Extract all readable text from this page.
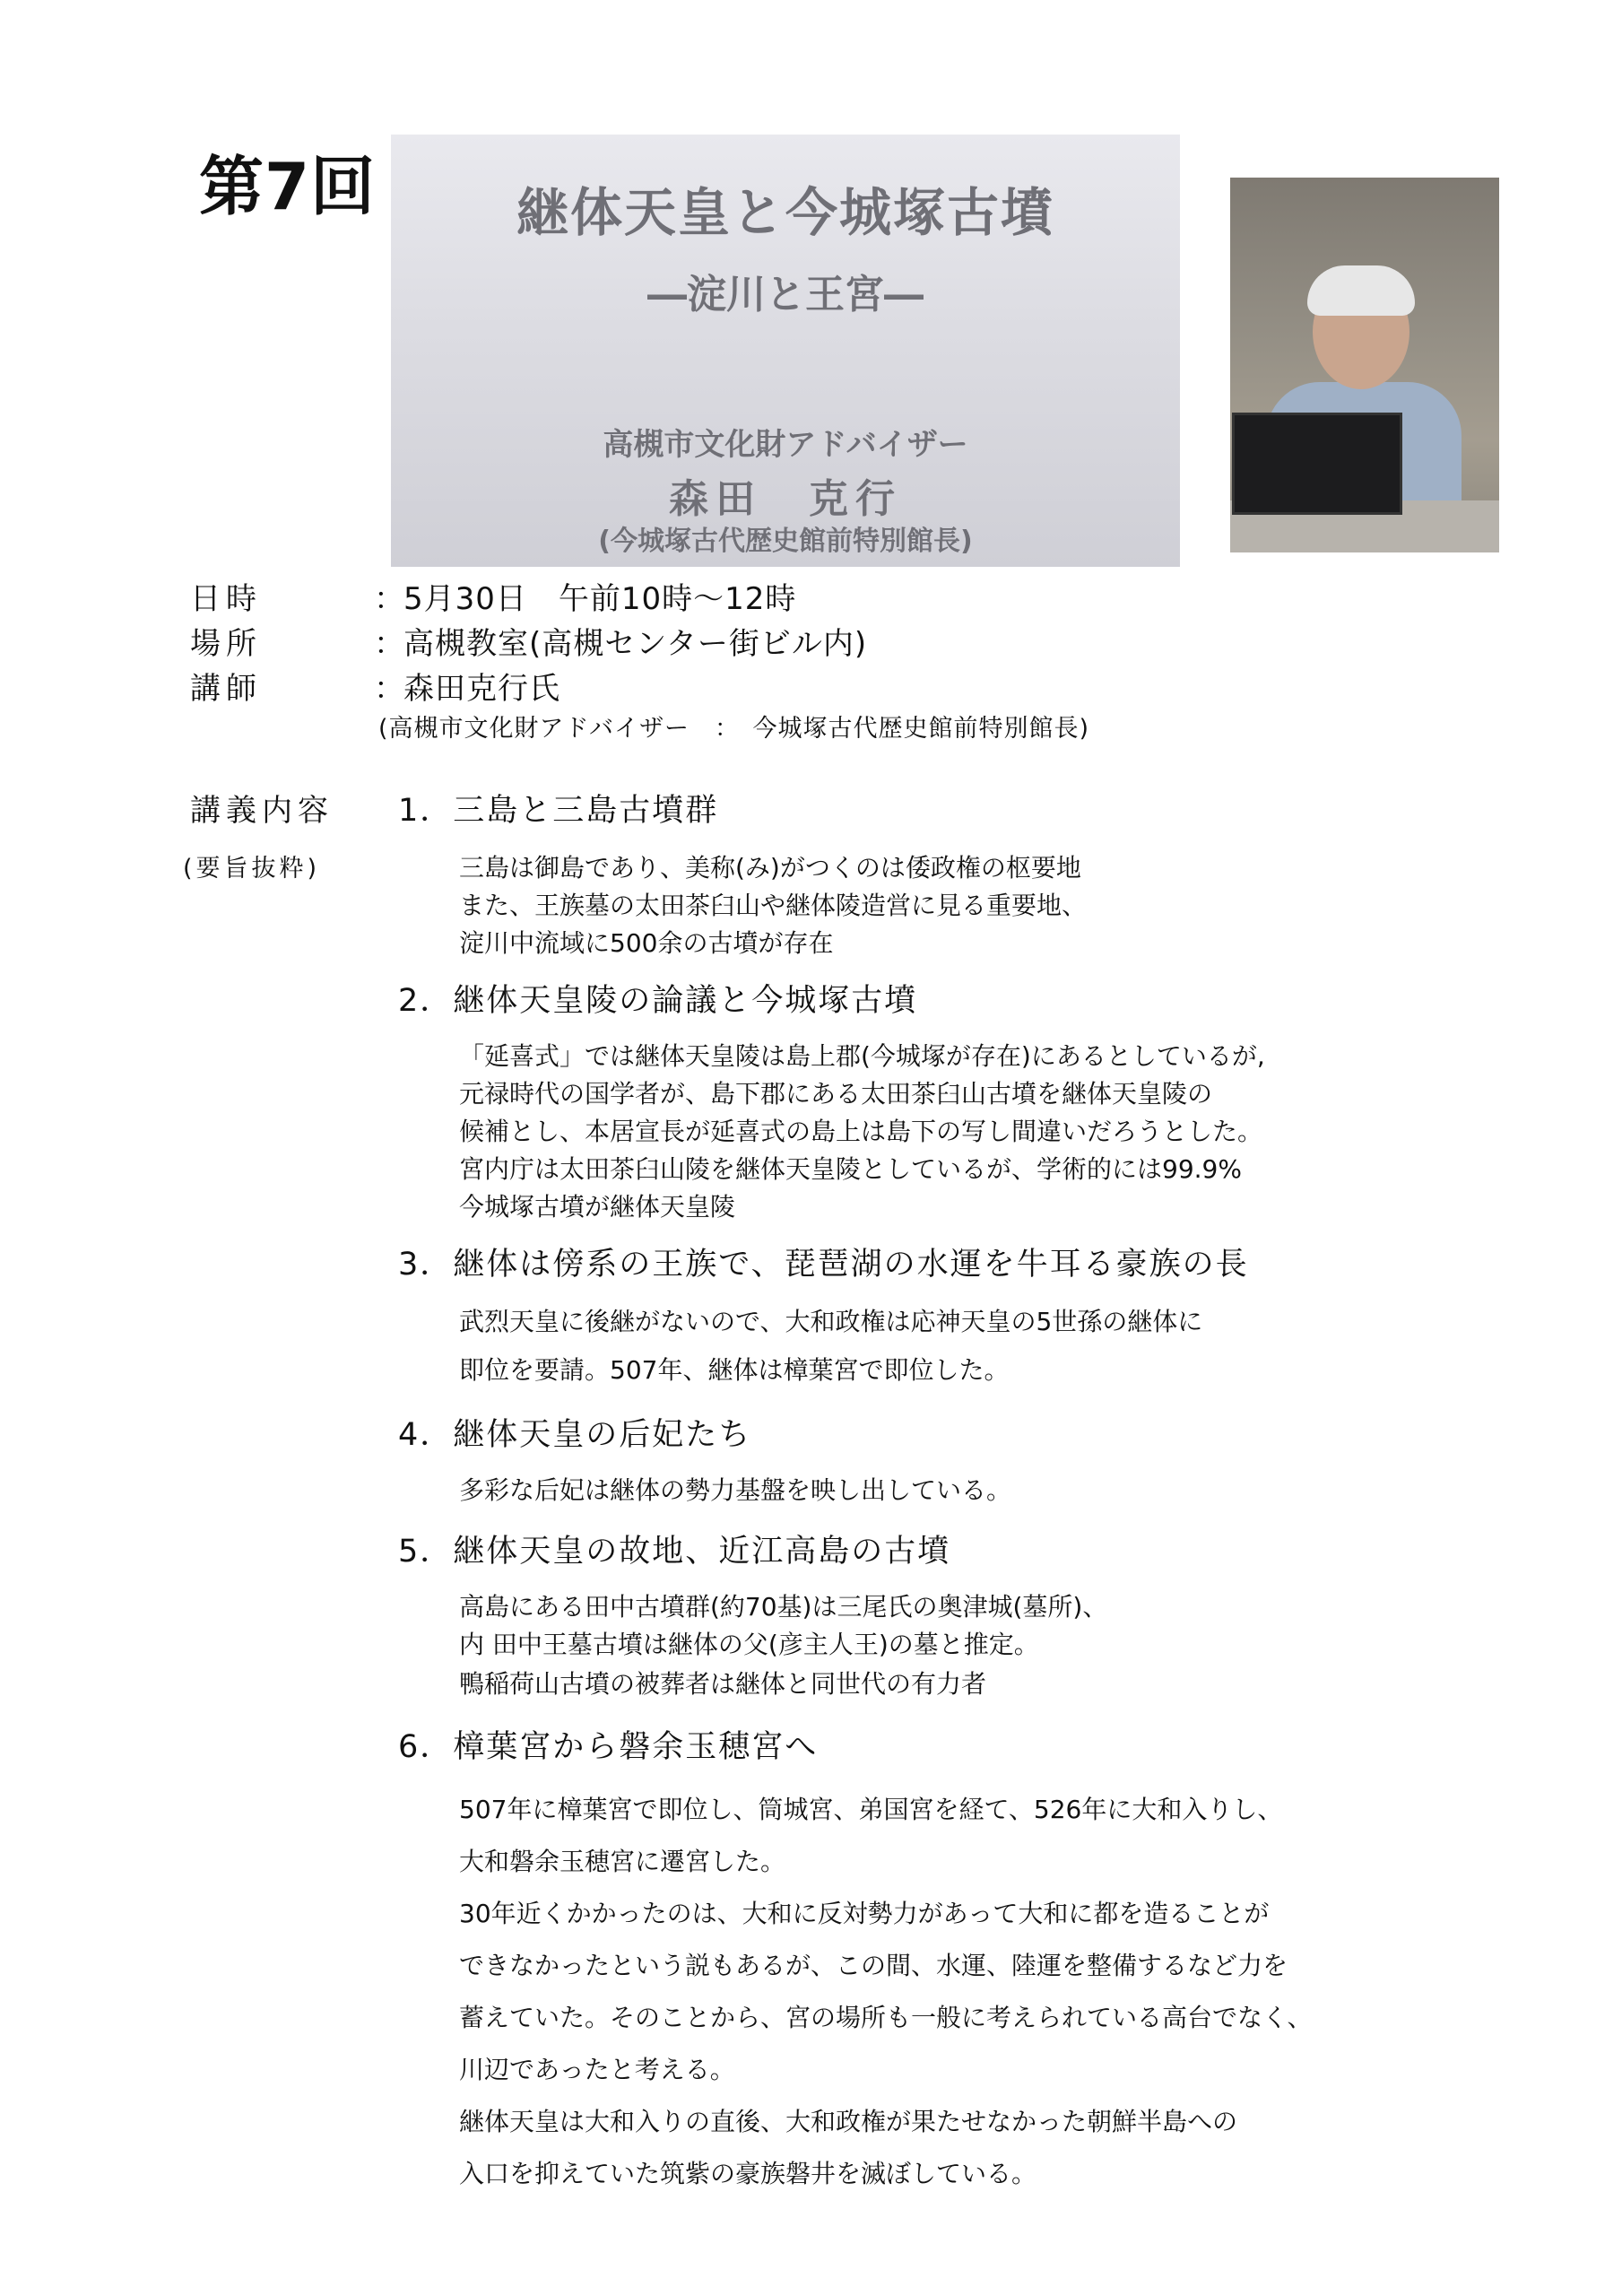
第7回	継体天皇と今城塚古墳
―淀川と王宮―
高槻市文化財アドバイザー
森田　克行
(今城塚古代歴史館前特別館長)
日時	： 5月30日　午前10時～12時
場所	： 高槻教室(高槻センター街ビル内)
講師	： 森田克行氏
(高槻市文化財アドバイザー　：　今城塚古代歴史館前特別館長)
講義内容
(要旨抜粋)
1．三島と三島古墳群
三島は御島であり、美称(み)がつくのは倭政権の枢要地
また、王族墓の太田茶臼山や継体陵造営に見る重要地、
淀川中流域に500余の古墳が存在
2．継体天皇陵の論議と今城塚古墳
「延喜式」では継体天皇陵は島上郡(今城塚が存在)にあるとしているが,
元禄時代の国学者が、島下郡にある太田茶臼山古墳を継体天皇陵の
候補とし、本居宣長が延喜式の島上は島下の写し間違いだろうとした。
宮内庁は太田茶臼山陵を継体天皇陵としているが、学術的には99.9%
今城塚古墳が継体天皇陵
3．継体は傍系の王族で、琵琶湖の水運を牛耳る豪族の長
武烈天皇に後継がないので、大和政権は応神天皇の5世孫の継体に
即位を要請。507年、継体は樟葉宮で即位した。
4．継体天皇の后妃たち
多彩な后妃は継体の勢力基盤を映し出している。
5．継体天皇の故地、近江高島の古墳
高島にある田中古墳群(約70基)は三尾氏の奥津城(墓所)、
内 田中王墓古墳は継体の父(彦主人王)の墓と推定。
鴨稲荷山古墳の被葬者は継体と同世代の有力者
6．樟葉宮から磐余玉穂宮へ
507年に樟葉宮で即位し、筒城宮、弟国宮を経て、526年に大和入りし、
大和磐余玉穂宮に遷宮した。
30年近くかかったのは、大和に反対勢力があって大和に都を造ることが
できなかったという説もあるが、この間、水運、陸運を整備するなど力を
蓄えていた。そのことから、宮の場所も一般に考えられている高台でなく、
川辺であったと考える。
継体天皇は大和入りの直後、大和政権が果たせなかった朝鮮半島への
入口を抑えていた筑紫の豪族磐井を滅ぼしている。
